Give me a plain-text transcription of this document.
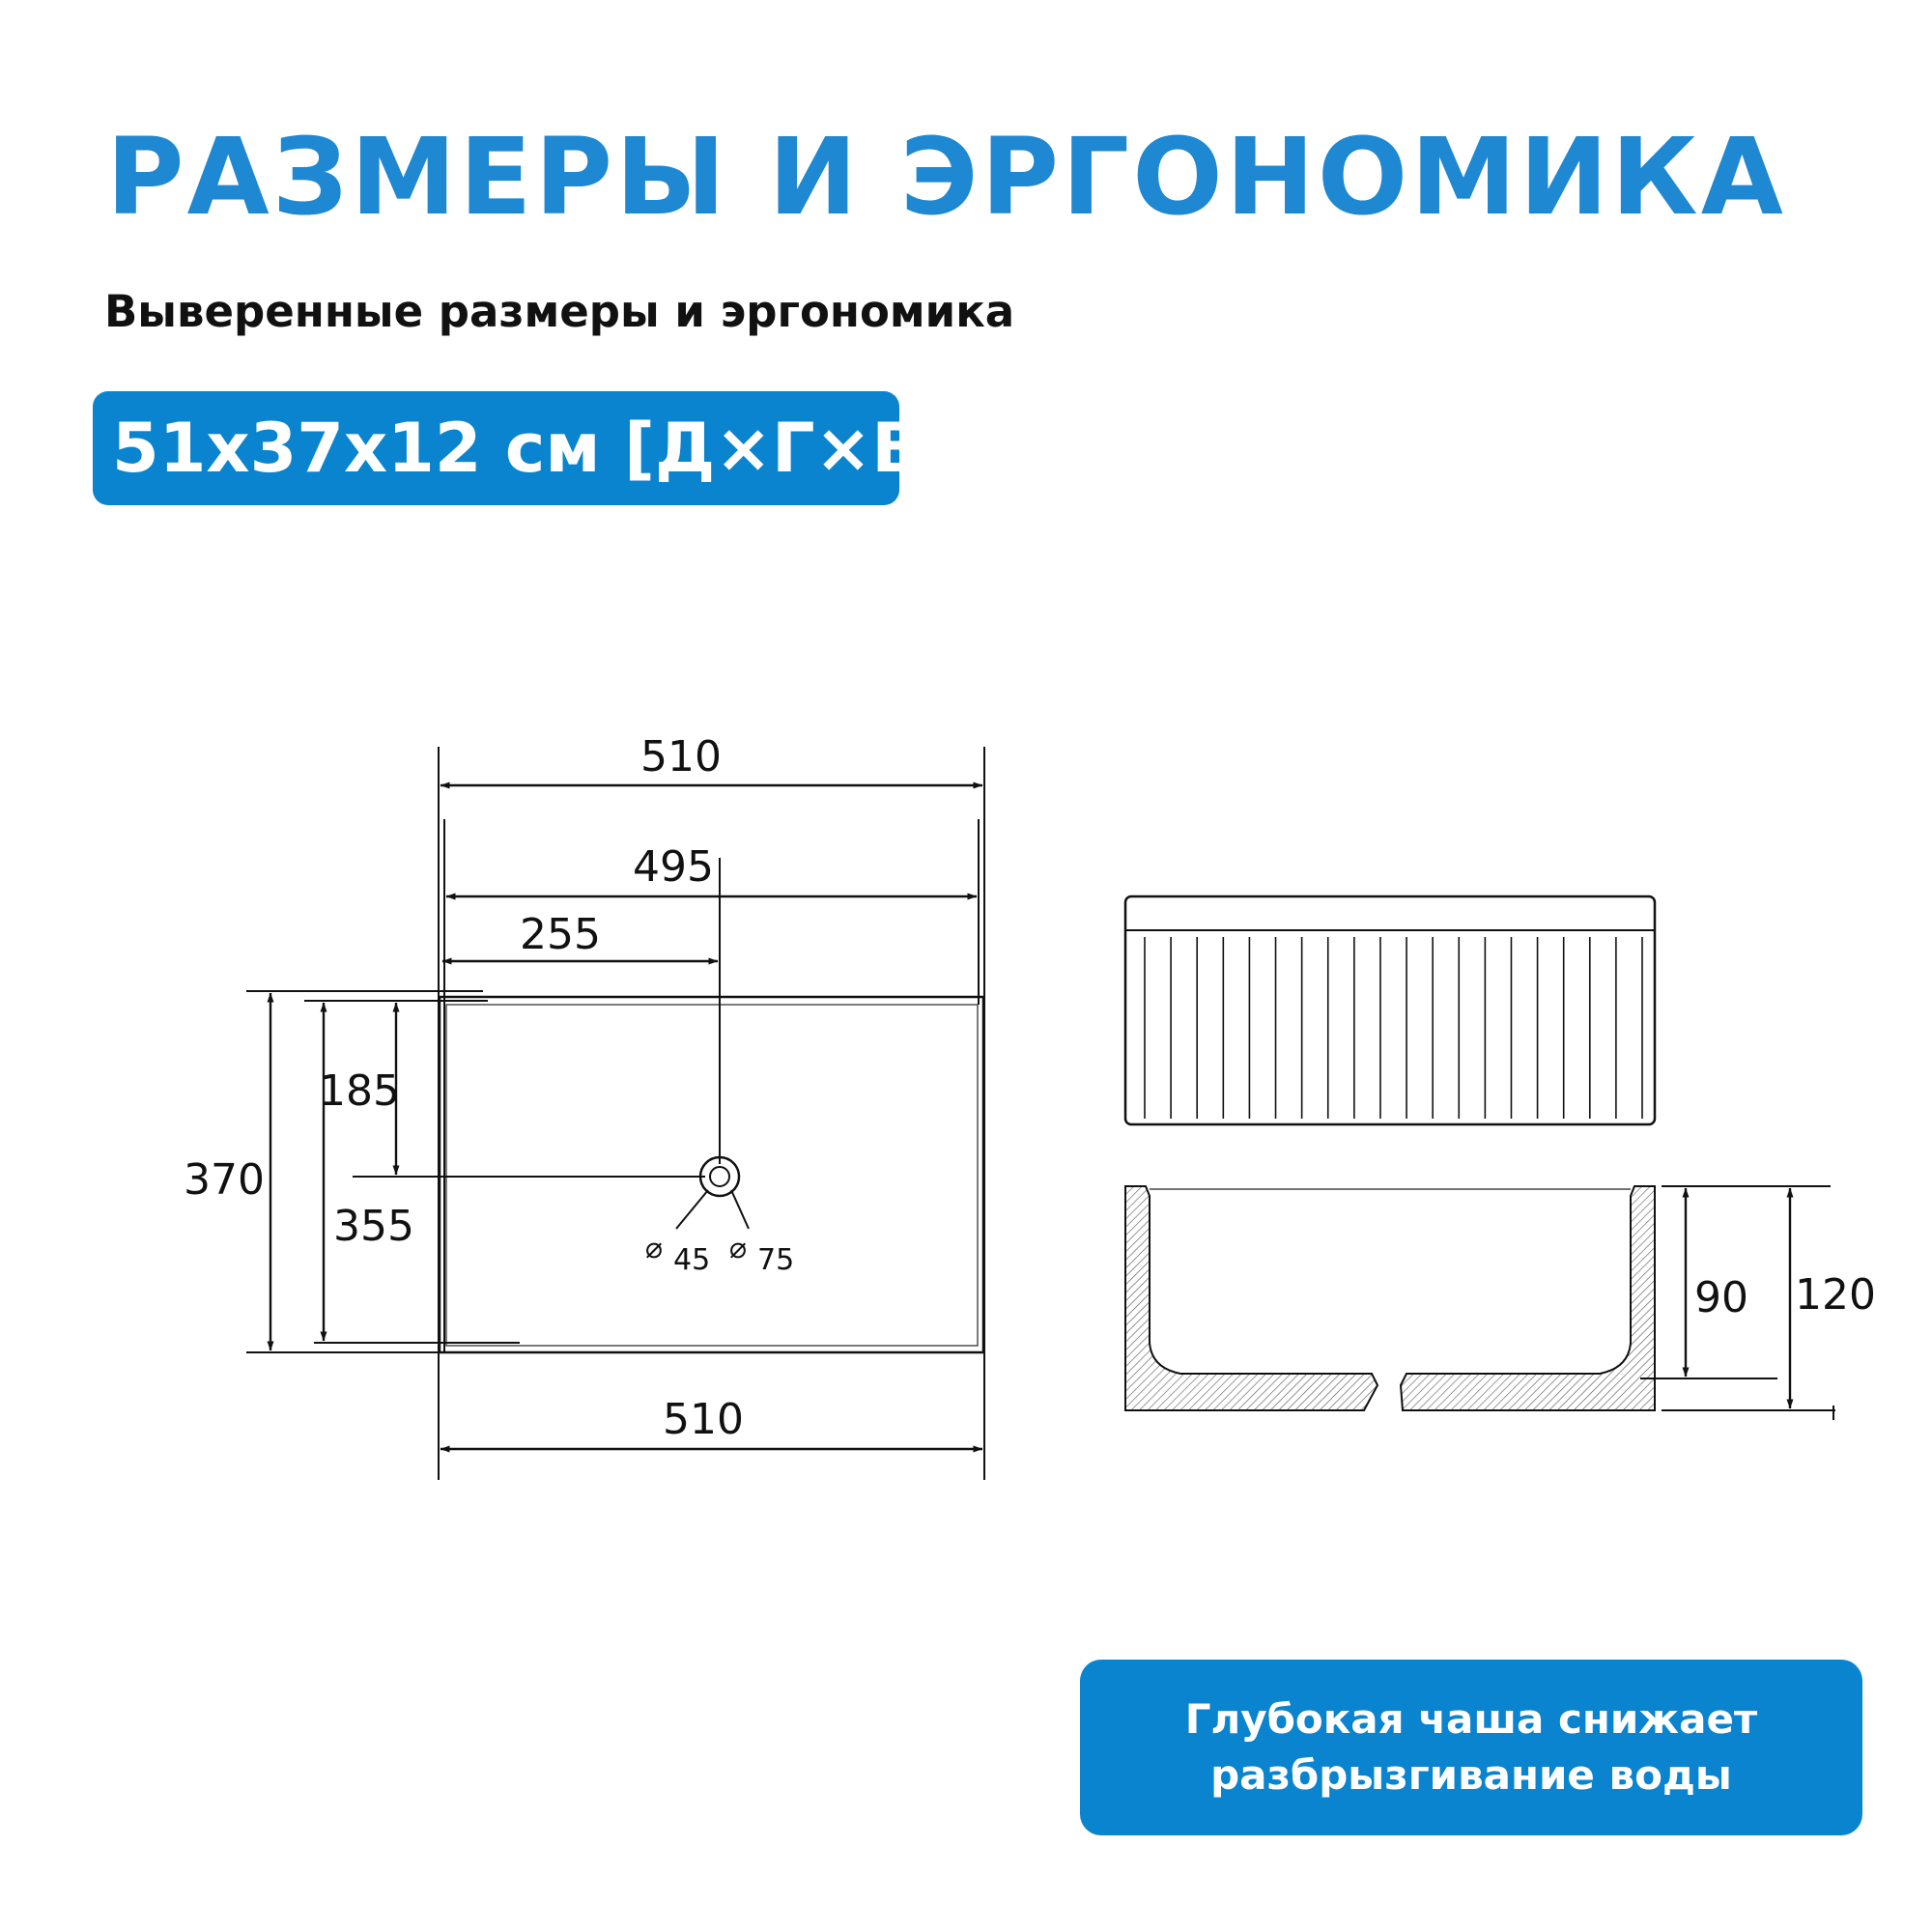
РАЗМЕРЫ И ЭРГОНОМИКА

Выверенные размеры и эргономика

51х37х12 см [Д×Г×В]
510
495
255
510
370
355
185
⌀ 45 ⌀ 75
90 120
Глубокая чаша снижает
разбрызгивание воды
